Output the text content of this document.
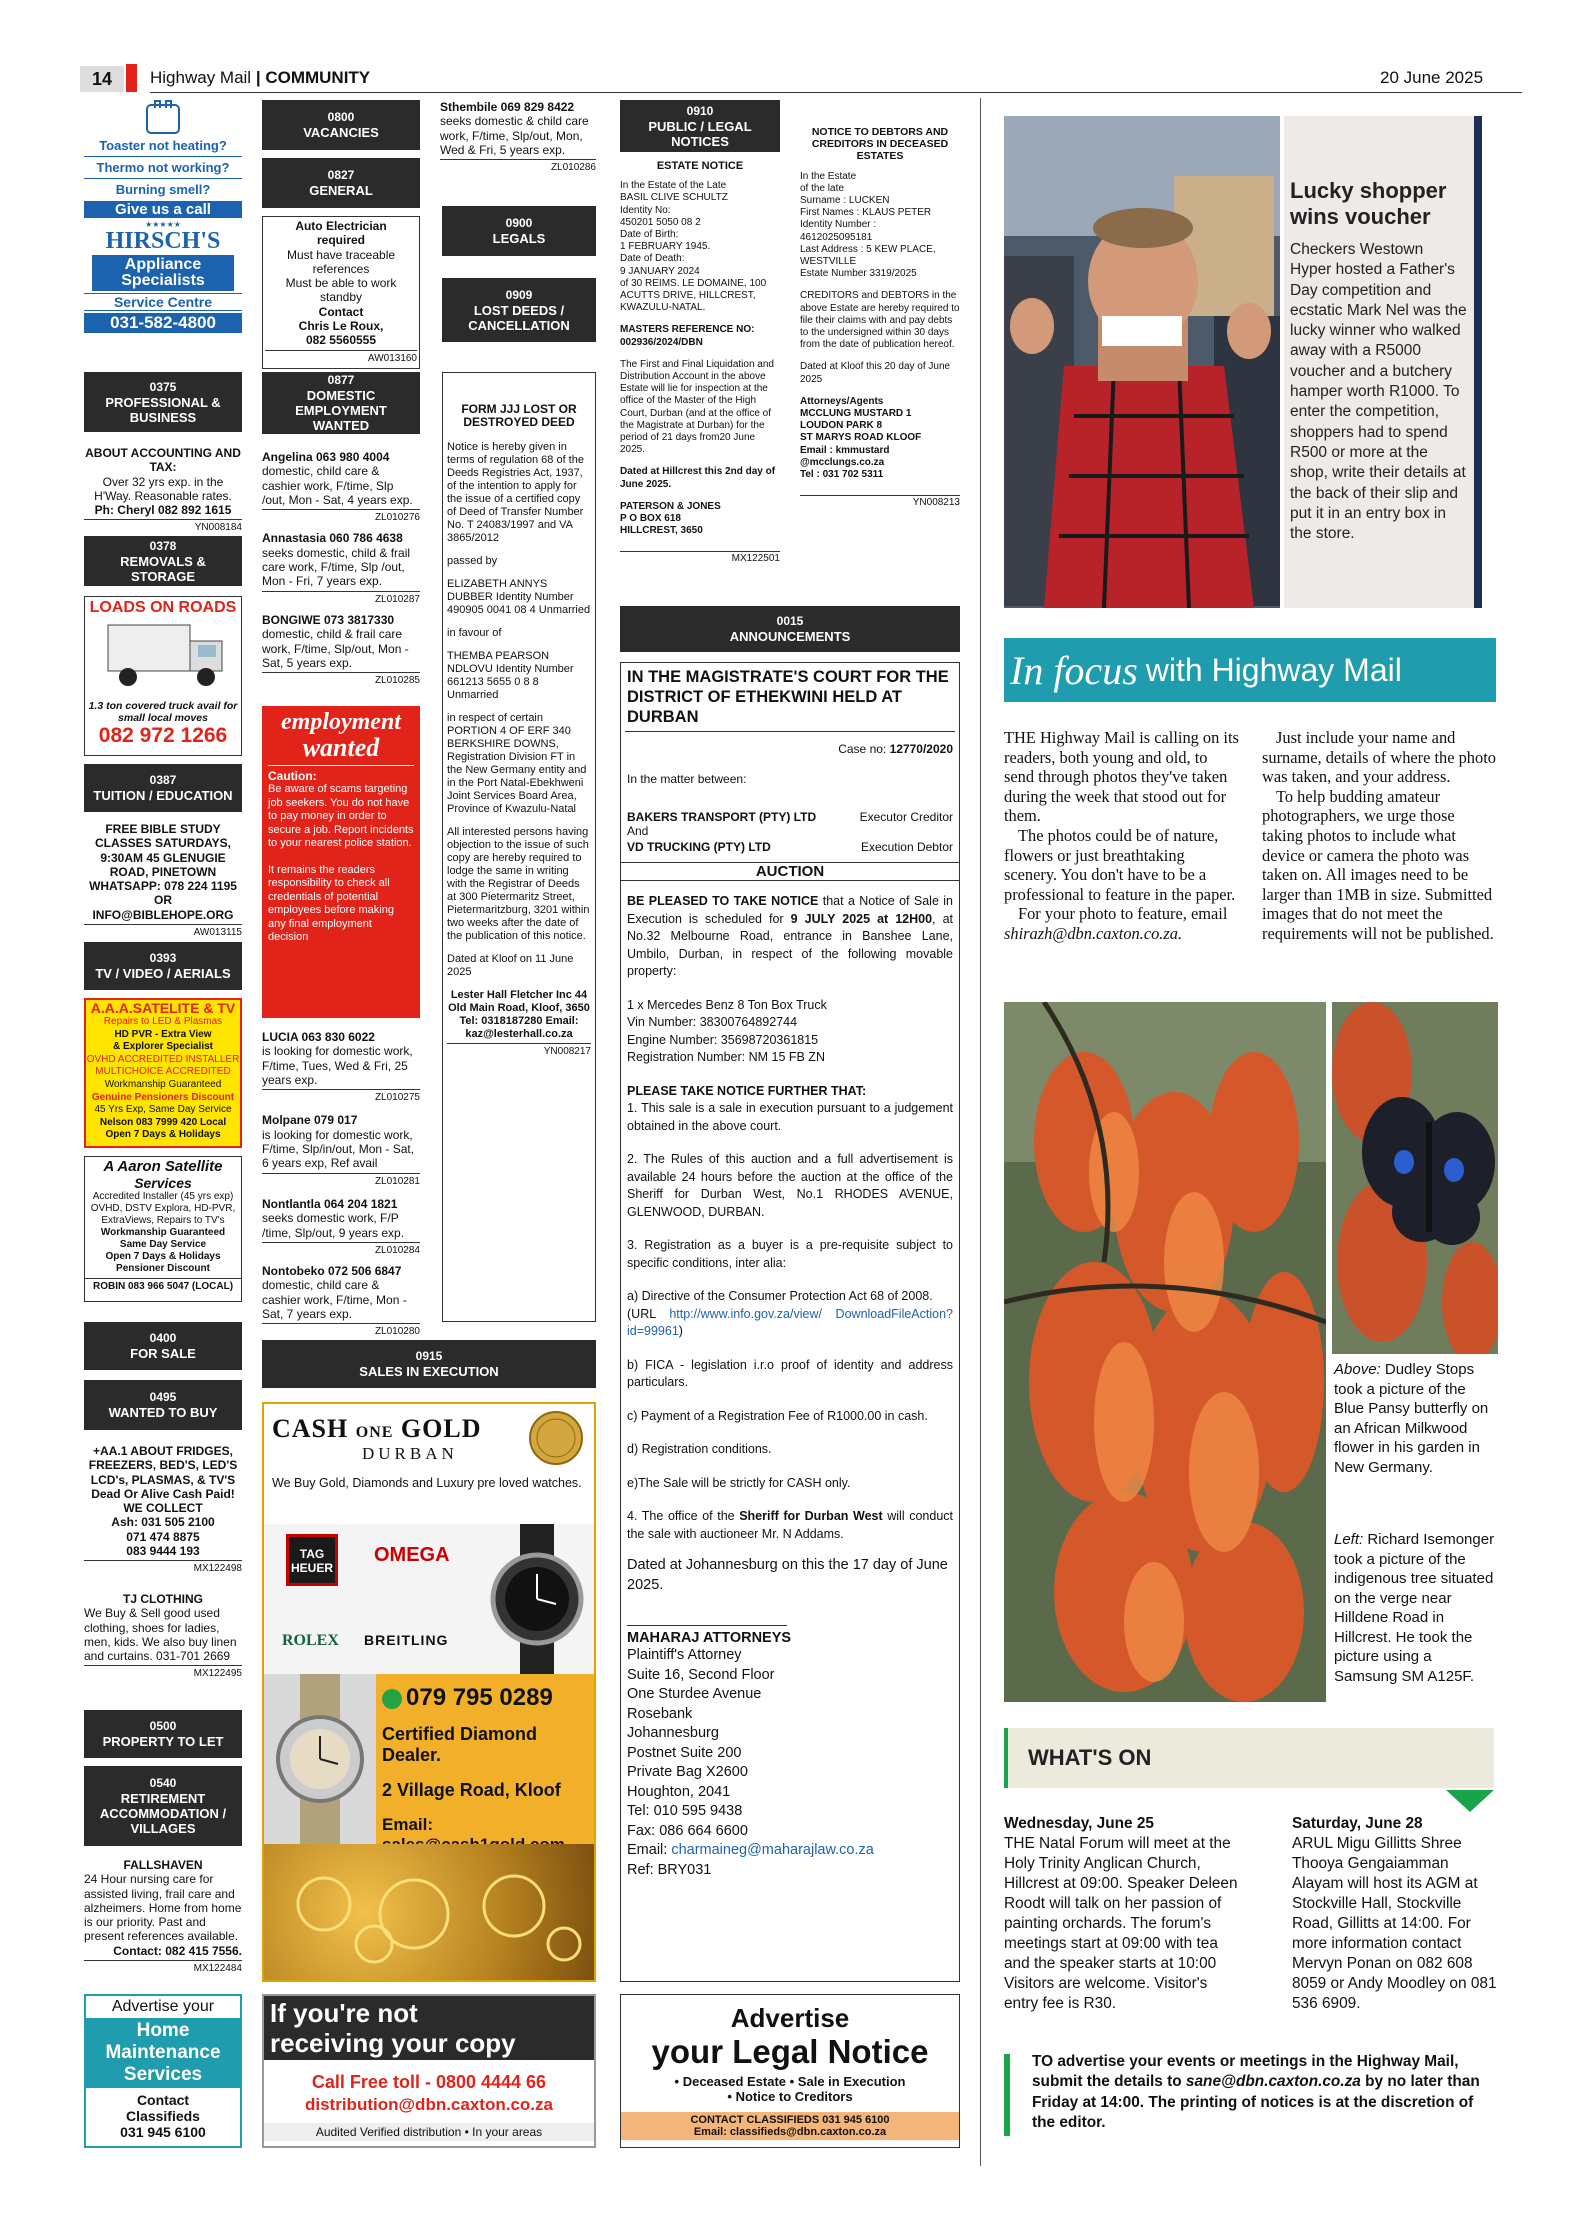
14	Highway Mail | COMMUNITY	20 June 2025
Toaster not heating?
Thermo not working?
Burning smell?
Give us a call
★★★★★
HIRSCH'S
Appliance Specialists
Service Centre
031-582-4800
0375
PROFESSIONAL & BUSINESS
ABOUT ACCOUNTING AND TAX:
Over 32 yrs exp. in the H'Way. Reasonable rates.
Ph: Cheryl 082 892 1615
YN008184
0378
REMOVALS & STORAGE
LOADS ON ROADS
1.3 ton covered truck avail for small local moves
082 972 1266
0387
TUITION / EDUCATION
FREE BIBLE STUDY CLASSES SATURDAYS, 9:30AM 45 GLENUGIE ROAD, PINETOWN WHATSAPP: 078 224 1195 OR INFO@BIBLEHOPE.ORG
AW013115
0393
TV / VIDEO / AERIALS
A.A.A.SATELITE & TV
Repairs to LED & Plasmas
HD PVR - Extra View
& Explorer Specialist
OVHD ACCREDITED INSTALLER
MULTICHOICE ACCREDITED
Workmanship Guaranteed
Genuine Pensioners Discount
45 Yrs Exp, Same Day Service
Nelson 083 7999 420 Local
Open 7 Days & Holidays
A Aaron Satellite
Services
Accredited Installer (45 yrs exp)
OVHD, DSTV Explora, HD-PVR,
ExtraViews, Repairs to TV's
Workmanship Guaranteed
Same Day Service
Open 7 Days & Holidays
Pensioner Discount
ROBIN 083 966 5047 (LOCAL)
0400
FOR SALE
0495
WANTED TO BUY
+AA.1 ABOUT FRIDGES, FREEZERS, BED'S, LED'S LCD's, PLASMAS, & TV'S
Dead Or Alive Cash Paid!
WE COLLECT
Ash: 031 505 2100
071 474 8875
083 9444 193
MX122498
TJ CLOTHING
We Buy & Sell good used clothing, shoes for ladies, men, kids. We also buy linen and curtains. 031-701 2669
MX122495
0500
PROPERTY TO LET
0540
RETIREMENT ACCOMMODATION / VILLAGES
FALLSHAVEN
24 Hour nursing care for assisted living, frail care and alzheimers. Home from home is our priority. Past and present references available.
Contact: 082 415 7556.
MX122484
Advertise your
Home
Maintenance
Services
Contact
Classifieds
031 945 6100
0800
VACANCIES
0827
GENERAL
Auto Electrician
required
Must have traceable references
Must be able to work standby
Contact
Chris Le Roux,
082 5560555
AW013160
0877
DOMESTIC EMPLOYMENT WANTED
Angelina 063 980 4004
domestic, child care & cashier work, F/time, Slp /out, Mon - Sat, 4 years exp.
ZL010276
Annastasia 060 786 4638
seeks domestic, child & frail care work, F/time, Slp /out, Mon - Fri, 7 years exp.
ZL010287
BONGIWE 073 3817330
domestic, child & frail care work, F/time, Slp/out, Mon - Sat, 5 years exp.
ZL010285
employment
wanted
Caution:
Be aware of scams targeting job seekers. You do not have to pay money in order to secure a job. Report incidents to your nearest police station.
It remains the readers responsibility to check all credentials of potential employees before making any final employment decision
LUCIA 063 830 6022
is looking for domestic work, F/time, Tues, Wed & Fri, 25 years exp.
ZL010275
Molpane 079 017
is looking for domestic work, F/time, Slp/in/out, Mon - Sat, 6 years exp, Ref avail
ZL010281
Nontlantla 064 204 1821
seeks domestic work, F/P /time, Slp/out, 9 years exp.
ZL010284
Nontobeko 072 506 6847
domestic, child care & cashier work, F/time, Mon - Sat, 7 years exp.
ZL010280
Sthembile 069 829 8422
seeks domestic & child care work, F/time, Slp/out, Mon, Wed & Fri, 5 years exp.
ZL010286
0900
LEGALS
0909
LOST DEEDS / CANCELLATION
FORM JJJ LOST OR DESTROYED DEED
Notice is hereby given in terms of regulation 68 of the Deeds Registries Act, 1937, of the intention to apply for the issue of a certified copy of Deed of Transfer Number No. T 24083/1997 and VA 3865/2012
passed by
ELIZABETH ANNYS DUBBER Identity Number 490905 0041 08 4 Unmarried
in favour of
THEMBA PEARSON NDLOVU Identity Number 661213 5655 0 8 8 Unmarried
in respect of certain PORTION 4 OF ERF 340 BERKSHIRE DOWNS, Registration Division FT in the New Germany entity and in the Port Natal-Ebekhweni Joint Services Board Area, Province of Kwazulu-Natal
All interested persons having objection to the issue of such copy are hereby required to lodge the same in writing with the Registrar of Deeds at 300 Pietermaritz Street, Pietermaritzburg, 3201 within two weeks after the date of the publication of this notice.
Dated at Kloof on 11 June 2025
Lester Hall Fletcher Inc 44 Old Main Road, Kloof, 3650 Tel: 0318187280 Email: kaz@lesterhall.co.za
YN008217
0915
SALES IN EXECUTION
CASH ONE GOLD
DURBAN
We Buy Gold, Diamonds and Luxury pre loved watches.
TAG HEUER
OMEGA
ROLEX BREITLING
079 795 0289
Certified Diamond Dealer.
2 Village Road, Kloof
Email:
If you're not
receiving your copy
Call Free toll - 0800 4444 66
distribution@dbn.caxton.co.za
Audited Verified distribution • In your areas
0910
PUBLIC / LEGAL NOTICES
ESTATE NOTICE
In the Estate of the Late
BASIL CLIVE SCHULTZ
Identity No:
450201 5050 08 2
Date of Birth:
1 FEBRUARY 1945.
Date of Death:
9 JANUARY 2024
of 30 REIMS. LE DOMAINE, 100 ACUTTS DRIVE, HILLCREST, KWAZULU-NATAL.
MASTERS REFERENCE NO: 002936/2024/DBN
The First and Final Liquidation and Distribution Account in the above Estate will lie for inspection at the office of the Master of the High Court, Durban (and at the office of the Magistrate at Durban) for the period of 21 days from20 June 2025.
Dated at Hillcrest this 2nd day of June 2025.
PATERSON & JONES
P O BOX 618
HILLCREST, 3650
MX122501
NOTICE TO DEBTORS AND CREDITORS IN DECEASED ESTATES
In the Estate
of the late
Surname : LUCKEN
First Names : KLAUS PETER
Identity Number :
4612025095181
Last Address : 5 KEW PLACE, WESTVILLE
Estate Number 3319/2025
CREDITORS and DEBTORS in the above Estate are hereby required to file their claims with and pay debts to the undersigned within 30 days from the date of publication hereof.
Dated at Kloof this 20 day of June 2025
Attorneys/Agents
MCCLUNG MUSTARD 1
LOUDON PARK 8
ST MARYS ROAD KLOOF
Email : kmmustard
@mcclungs.co.za
Tel : 031 702 5311
YN008213
0015
ANNOUNCEMENTS
IN THE MAGISTRATE'S COURT FOR THE DISTRICT OF ETHEKWINI HELD AT DURBAN
Case no: 12770/2020
In the matter between:
BAKERS TRANSPORT (PTY) LTD	Executor Creditor
And
VD TRUCKING (PTY) LTD	Execution Debtor
AUCTION
BE PLEASED TO TAKE NOTICE that a Notice of Sale in Execution is scheduled for 9 JULY 2025 at 12H00, at No.32 Melbourne Road, entrance in Banshee Lane, Umbilo, Durban, in respect of the following movable property:
1 x Mercedes Benz 8 Ton Box Truck
Vin Number: 38300764892744
Engine Number: 35698720361815
Registration Number: NM 15 FB ZN
PLEASE TAKE NOTICE FURTHER THAT:
1. This sale is a sale in execution pursuant to a judgement obtained in the above court.
2. The Rules of this auction and a full advertisement is available 24 hours before the auction at the office of the Sheriff for Durban West, No.1 RHODES AVENUE, GLENWOOD, DURBAN.
3. Registration as a buyer is a pre-requisite subject to specific conditions, inter alia:
a) Directive of the Consumer Protection Act 68 of 2008.
(URL http://www.info.gov.za/view/ DownloadFileAction?id=99961)
b) FICA - legislation i.r.o proof of identity and address particulars.
c) Payment of a Registration Fee of R1000.00 in cash.
d) Registration conditions.
e)The Sale will be strictly for CASH only.
4. The office of the Sheriff for Durban West will conduct the sale with auctioneer Mr. N Addams.
Dated at Johannesburg on this the 17 day of June 2025.
MAHARAJ ATTORNEYS
Plaintiff's Attorney
Suite 16, Second Floor
One Sturdee Avenue
Rosebank
Johannesburg
Postnet Suite 200
Private Bag X2600
Houghton, 2041
Tel: 010 595 9438
Fax: 086 664 6600
Email: charmaineg@maharajlaw.co.za
Ref: BRY031
Advertise
your Legal Notice
• Deceased Estate • Sale in Execution
• Notice to Creditors
CONTACT CLASSIFIEDS 031 945 6100
Email: classifieds@dbn.caxton.co.za
Lucky shopper wins voucher
Checkers Westown Hyper hosted a Father's Day competition and ecstatic Mark Nel was the lucky winner who walked away with a R5000 voucher and a butchery hamper worth R1000. To enter the competition, shoppers had to spend R500 or more at the shop, write their details at the back of their slip and put it in an entry box in the store.
In focus with Highway Mail
THE Highway Mail is calling on its readers, both young and old, to send through photos they've taken during the week that stood out for them.
The photos could be of nature, flowers or just breathtaking scenery. You don't have to be a professional to feature in the paper.
For your photo to feature, email shirazh@dbn.caxton.co.za.
Just include your name and surname, details of where the photo was taken, and your address.
To help budding amateur photographers, we urge those taking photos to include what device or camera the photo was taken on. All images need to be larger than 1MB in size. Submitted images that do not meet the requirements will not be published.
Above: Dudley Stops took a picture of the Blue Pansy butterfly on an African Milkwood flower in his garden in New Germany.
Left: Richard Isemonger took a picture of the indigenous tree situated on the verge near Hilldene Road in Hillcrest. He took the picture using a Samsung SM A125F.
WHAT'S ON
Wednesday, June 25
THE Natal Forum will meet at the Holy Trinity Anglican Church, Hillcrest at 09:00. Speaker Deleen Roodt will talk on her passion of painting orchards. The forum's meetings start at 09:00 with tea and the speaker starts at 10:00 Visitors are welcome. Visitor's entry fee is R30.
Saturday, June 28
ARUL Migu Gillitts Shree Thooya Gengaiamman Alayam will host its AGM at Stockville Hall, Stockville Road, Gillitts at 14:00. For more information contact Mervyn Ponan on 082 608 8059 or Andy Moodley on 081 536 6909.
TO advertise your events or meetings in the Highway Mail, submit the details to sane@dbn.caxton.co.za by no later than Friday at 14:00. The printing of notices is at the discretion of the editor.
